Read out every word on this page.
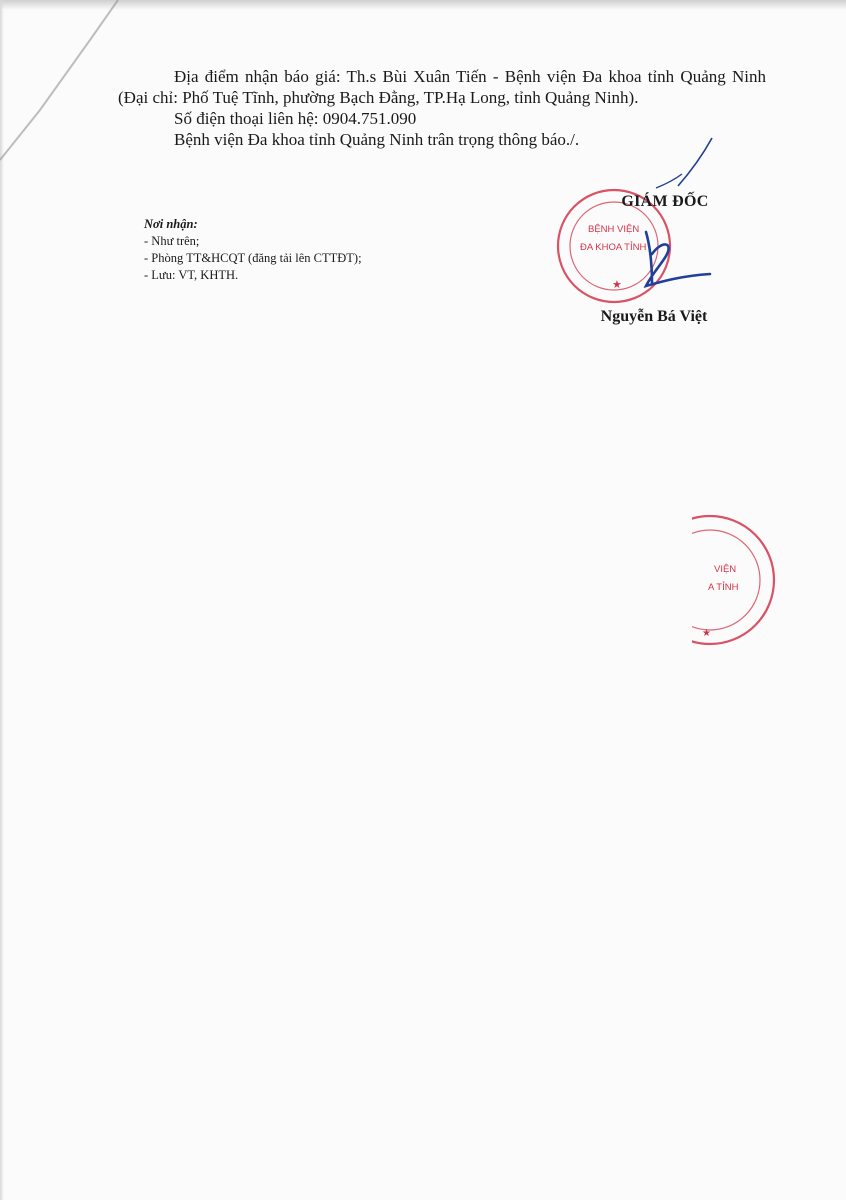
Địa điểm nhận báo giá: Th.s Bùi Xuân Tiến - Bệnh viện Đa khoa tỉnh Quảng Ninh (Đại chỉ: Phố Tuệ Tĩnh, phường Bạch Đằng, TP.Hạ Long, tỉnh Quảng Ninh).

Số điện thoại liên hệ: 0904.751.090

Bệnh viện Đa khoa tỉnh Quảng Ninh trân trọng thông báo./.

Nơi nhận:
- Như trên;
- Phòng TT&HCQT (đăng tải lên CTTĐT);
- Lưu: VT, KHTH.
BỆNH VIỆN
ĐA KHOA TỈNH
★
GIÁM ĐỐC
Nguyễn Bá Việt
VIỆN
A TỈNH
★
